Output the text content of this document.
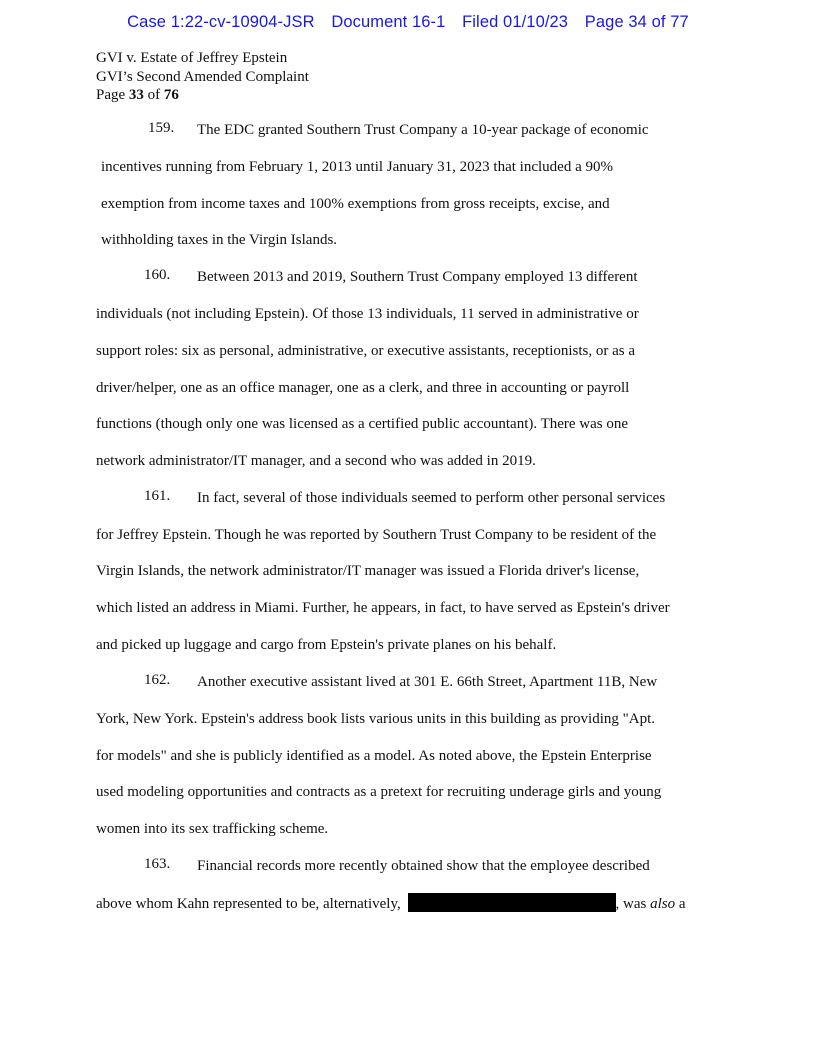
Case 1:22-cv-10904-JSR Document 16-1 Filed 01/10/23 Page 34 of 77
GVI v. Estate of Jeffrey Epstein
GVI’s Second Amended Complaint
Page 33 of 76
159. The EDC granted Southern Trust Company a 10-year package of economic
incentives running from February 1, 2013 until January 31, 2023 that included a 90%
exemption from income taxes and 100% exemptions from gross receipts, excise, and
withholding taxes in the Virgin Islands.
160. Between 2013 and 2019, Southern Trust Company employed 13 different
individuals (not including Epstein). Of those 13 individuals, 11 served in administrative or
support roles: six as personal, administrative, or executive assistants, receptionists, or as a
driver/helper, one as an office manager, one as a clerk, and three in accounting or payroll
functions (though only one was licensed as a certified public accountant). There was one
network administrator/IT manager, and a second who was added in 2019.
161. In fact, several of those individuals seemed to perform other personal services
for Jeffrey Epstein. Though he was reported by Southern Trust Company to be resident of the
Virgin Islands, the network administrator/IT manager was issued a Florida driver's license,
which listed an address in Miami. Further, he appears, in fact, to have served as Epstein's driver
and picked up luggage and cargo from Epstein's private planes on his behalf.
162. Another executive assistant lived at 301 E. 66th Street, Apartment 11B, New
York, New York. Epstein's address book lists various units in this building as providing "Apt.
for models" and she is publicly identified as a model. As noted above, the Epstein Enterprise
used modeling opportunities and contracts as a pretext for recruiting underage girls and young
women into its sex trafficking scheme.
163. Financial records more recently obtained show that the employee described
above whom Kahn represented to be, alternatively,	, was also a
